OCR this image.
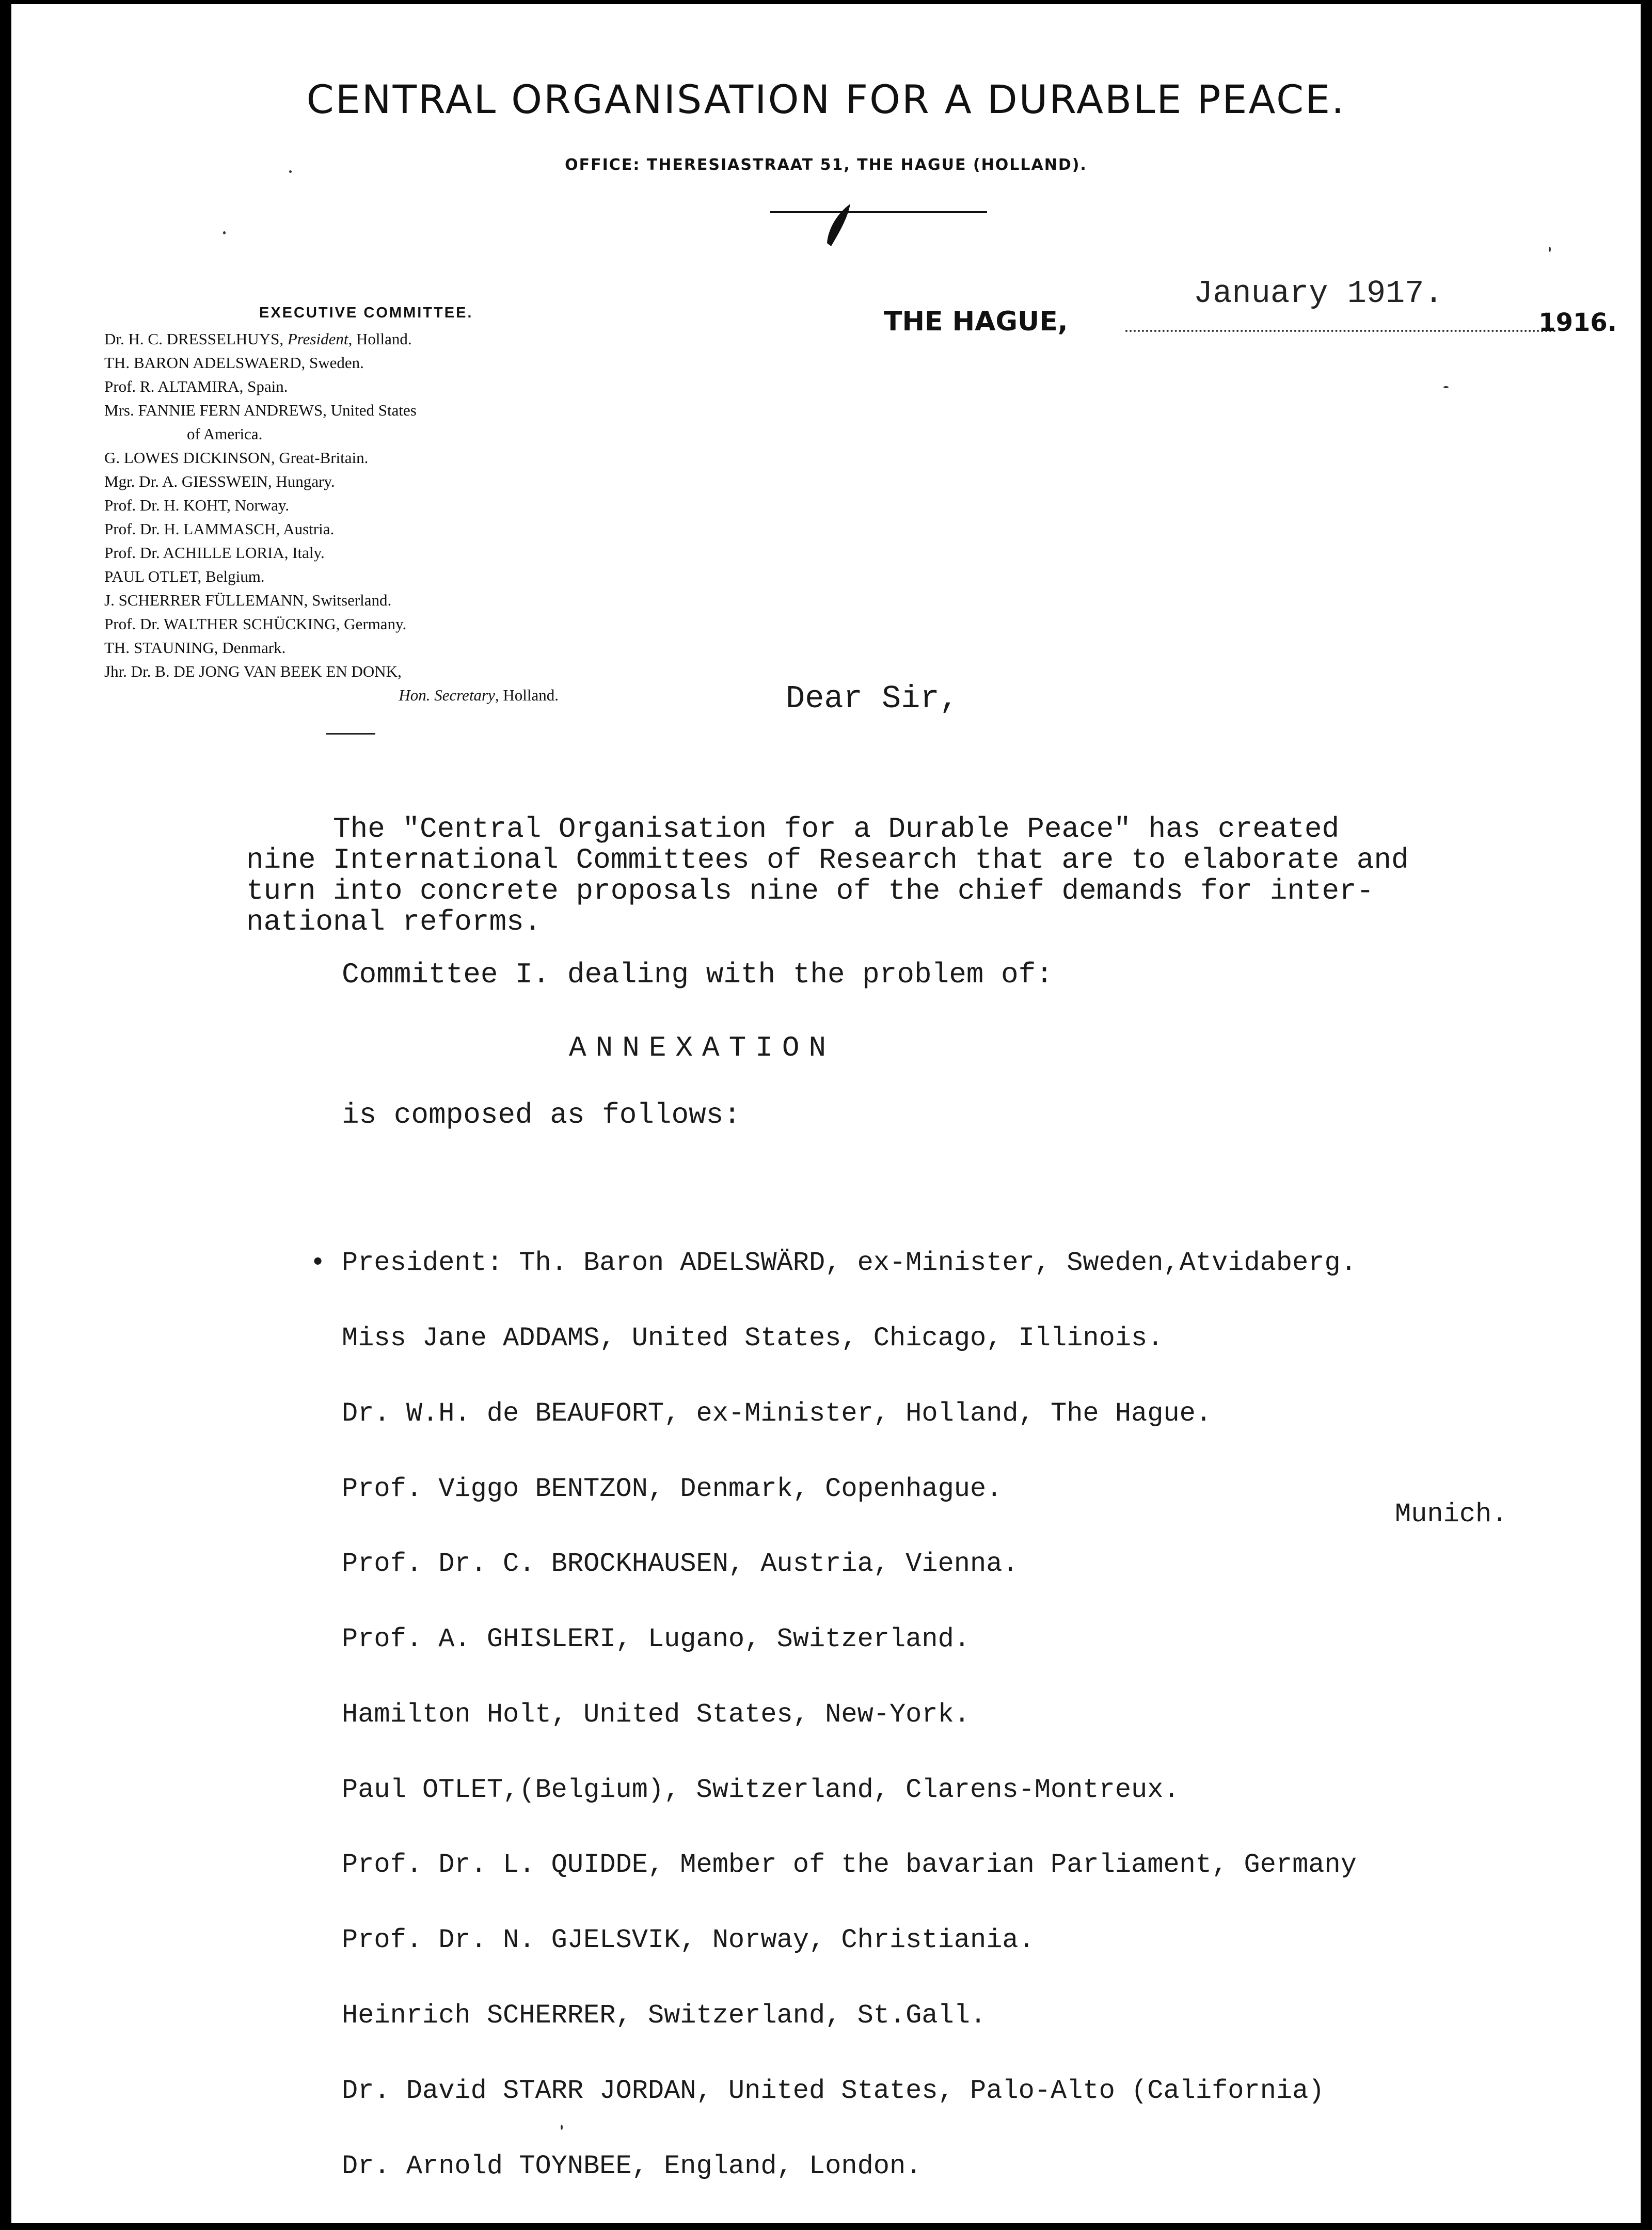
CENTRAL ORGANISATION FOR A DURABLE PEACE.
OFFICE: THERESIASTRAAT 51, THE HAGUE (HOLLAND).
EXECUTIVE COMMITTEE.
Dr. H. C. DRESSELHUYS, President, Holland.
TH. BARON ADELSWAERD, Sweden.
Prof. R. ALTAMIRA, Spain.
Mrs. FANNIE FERN ANDREWS, United States
of America.
G. LOWES DICKINSON, Great-Britain.
Mgr. Dr. A. GIESSWEIN, Hungary.
Prof. Dr. H. KOHT, Norway.
Prof. Dr. H. LAMMASCH, Austria.
Prof. Dr. ACHILLE LORIA, Italy.
PAUL OTLET, Belgium.
J. SCHERRER FÜLLEMANN, Switserland.
Prof. Dr. WALTHER SCHÜCKING, Germany.
TH. STAUNING, Denmark.
Jhr. Dr. B. DE JONG VAN BEEK EN DONK,
Hon. Secretary, Holland.
January 1917.
THE HAGUE,	1916.
Dear Sir,
The "Central Organisation for a Durable Peace" has created
nine International Committees of Research that are to elaborate and
turn into concrete proposals nine of the chief demands for inter-
national reforms.
Committee I. dealing with the problem of:
ANNEXATION
is composed as follows:

• President: Th. Baron ADELSWÄRD, ex-Minister, Sweden,Atvidaberg.

Miss Jane ADDAMS, United States, Chicago, Illinois.

Dr. W.H. de BEAUFORT, ex-Minister, Holland, The Hague.

Prof. Viggo BENTZON, Denmark, Copenhague.

Prof. Dr. C. BROCKHAUSEN, Austria, Vienna.

Prof. A. GHISLERI, Lugano, Switzerland.

Hamilton Holt, United States, New-York.

Paul OTLET,(Belgium), Switzerland, Clarens-Montreux.

Prof. Dr. L. QUIDDE, Member of the bavarian Parliament, Germany

Prof. Dr. N. GJELSVIK, Norway, Christiania.

Heinrich SCHERRER, Switzerland, St.Gall.

Dr. David STARR JORDAN, United States, Palo-Alto (California)

Dr. Arnold TOYNBEE, England, London.

Munich.
